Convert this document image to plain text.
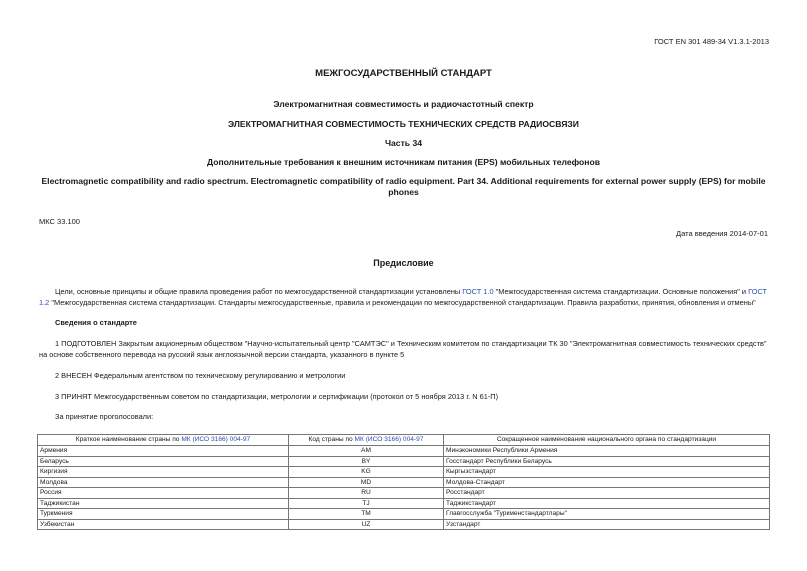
ГОСТ EN 301 489-34 V1.3.1-2013
МЕЖГОСУДАРСТВЕННЫЙ СТАНДАРТ
Электромагнитная совместимость и радиочастотный спектр
ЭЛЕКТРОМАГНИТНАЯ СОВМЕСТИМОСТЬ ТЕХНИЧЕСКИХ СРЕДСТВ РАДИОСВЯЗИ
Часть 34
Дополнительные требования к внешним источникам питания (EPS) мобильных телефонов
Electromagnetic compatibility and radio spectrum. Electromagnetic compatibility of radio equipment. Part 34. Additional requirements for external power supply (EPS) for mobile phones
МКС 33.100
Дата введения 2014-07-01
Предисловие
Цели, основные принципы и общие правила проведения работ по межгосударственной стандартизации установлены ГОСТ 1.0 "Межгосударственная система стандартизации. Основные положения" и ГОСТ 1.2 "Межгосударственная система стандартизации. Стандарты межгосударственные, правила и рекомендации по межгосударственной стандартизации. Правила разработки, принятия, обновления и отмены"
Сведения о стандарте
1 ПОДГОТОВЛЕН Закрытым акционерным обществом "Научно-испытательный центр "САМТЭС" и Техническим комитетом по стандартизации ТК 30 "Электромагнитная совместимость технических средств" на основе собственного перевода на русский язык англоязычной версии стандарта, указанного в пункте 5
2 ВНЕСЕН Федеральным агентством по техническому регулированию и метрологии
3 ПРИНЯТ Межгосударственным советом по стандартизации, метрологии и сертификации (протокол от 5 ноября 2013 г. N 61-П)
За принятие проголосовали:
Краткое наименование страны по МК (ИСО 3166) 004-97	Код страны по МК (ИСО 3166) 004-97	Сокращенное наименование национального органа по стандартизации
Армения	AM	Минэкономики Республики Армения
Беларусь	BY	Госстандарт Республики Беларусь
Киргизия	KG	Кыргызстандарт
Молдова	MD	Молдова-Стандарт
Россия	RU	Росстандарт
Таджикистан	TJ	Таджикстандарт
Туркмения	TM	Главгосслужба "Туркменстандартлары"
Узбекистан	UZ	Узстандарт
